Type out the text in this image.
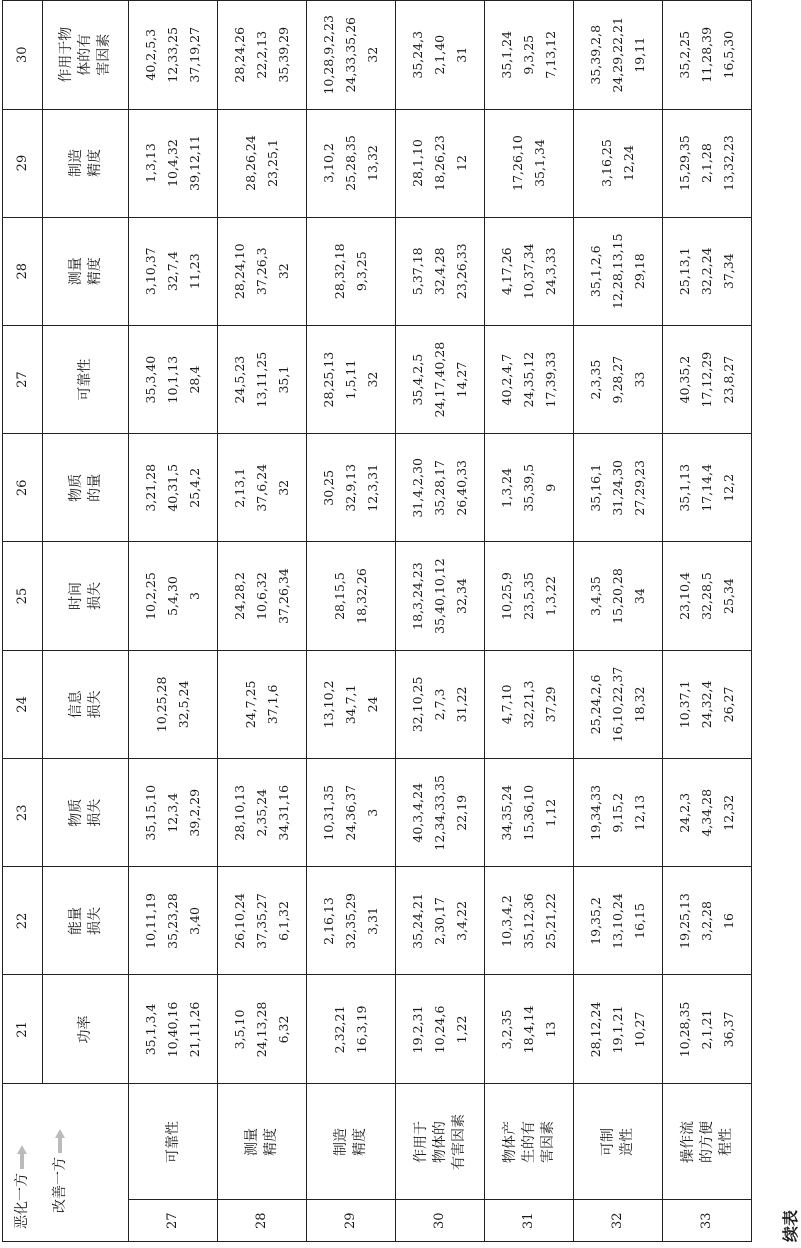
恶化一方 改善一方		21	22	23	24	25	26	27	28	29	30
		功率	能量 损失	物质 损失	信息 损失	时间 损失	物质 的量	可靠性	测量 精度	制造 精度	作用于物 体的有 害因素
27	可靠性	35,1,3,4 10,40,16 21,11,26	10,11,19 35,23,28 3,40	35,15,10 12,3,4 39,2,29	10,25,28 32,5,24	10,2,25 5,4,30 3	3,21,28 40,31,5 25,4,2	35,3,40 10,1,13 28,4	3,10,37 32,7,4 11,23	1,3,13 10,4,32 39,12,11	40,2,5,3 12,33,25 37,19,27

28	测量 精度	3,5,10 24,13,28 6,32	26,10,24 37,35,27 6,1,32	28,10,13 2,35,24 34,31,16	24,7,25 37,1,6	24,28,2 10,6,32 37,26,34	2,13,1 37,6,24 32	24,5,23 13,11,25 35,1	28,24,10 37,26,3 32	28,26,24 23,25,1	28,24,26 22,2,13 35,39,29

29	制造 精度	2,32,21 16,3,19	2,16,13 32,35,29 3,31	10,31,35 24,36,37 3	13,10,2 34,7,1 24	28,15,5 18,32,26	30,25 32,9,13 12,3,31	28,25,13 1,5,11 32	28,32,18 9,3,25	3,10,2 25,28,35 13,32	10,28,9,2,23 24,33,35,26 32

30	作用于 物体的 有害因素	19,2,31 10,24,6 1,22	35,24,21 2,30,17 3,4,22	40,3,4,24 12,34,33,35 22,19	32,10,25 2,7,3 31,22	18,3,24,23 35,40,10,12 32,34	31,4,2,30 35,28,17 26,40,33	35,4,2,5 24,17,40,28 14,27	5,37,18 32,4,28 23,26,33	28,1,10 18,26,23 12	35,24,3 2,1,40 31

31	物体产 生的有 害因素	3,2,35 18,4,14 13	10,3,4,2 35,12,36 25,21,22	34,35,24 15,36,10 1,12	4,7,10 32,21,3 37,29	10,25,9 23,5,35 1,3,22	1,3,24 35,39,5 9	40,2,4,7 24,35,12 17,39,33	4,17,26 10,37,34 24,3,33	17,26,10 35,1,34	35,1,24 9,3,25 7,13,12

32	可制 造性	28,12,24 19,1,21 10,27	19,35,2 13,10,24 16,15	19,34,33 9,15,2 12,13	25,24,2,6 16,10,22,37 18,32	3,4,35 15,20,28 34	35,16,1 31,24,30 27,29,23	2,3,35 9,28,27 33	35,1,2,6 12,28,13,15 29,18	3,16,25 12,24	35,39,2,8 24,29,22,21 19,11

33	操作流 的方便 程性	10,28,35 2,1,21 36,37	19,25,13 3,2,28 16	24,2,3 4,34,28 12,32	10,37,1 24,32,4 26,27	23,10,4 32,28,5 25,34	35,1,13 17,14,4 12,2	40,35,2 17,12,29 23,8,27	25,13,1 32,2,24 37,34	15,29,35 2,1,28 13,32,23	35,2,25 11,28,39 16,5,30
续表
